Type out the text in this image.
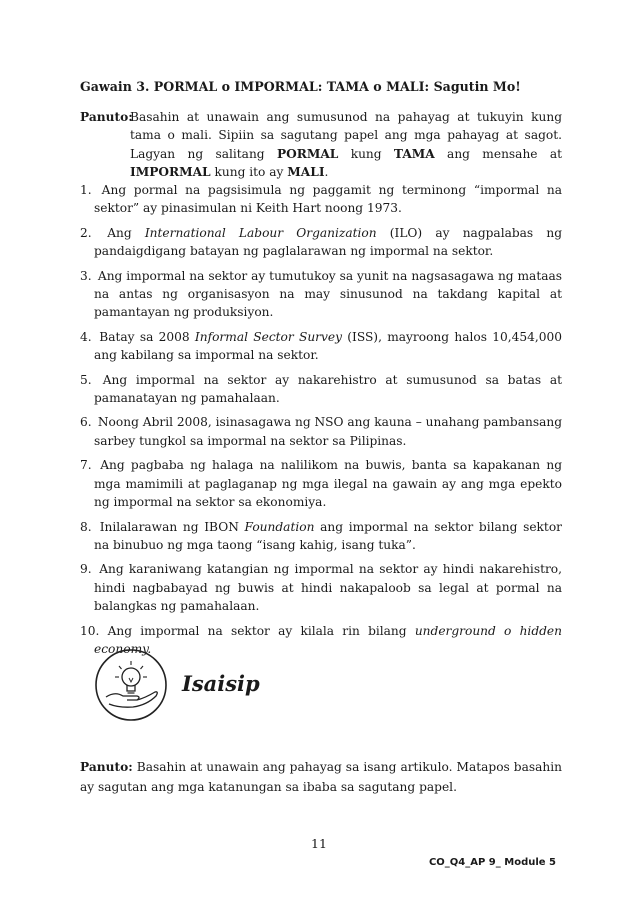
Gawain 3. PORMAL o IMPORMAL: TAMA o MALI: Sagutin Mo!
Panuto:
Basahin at unawain ang sumusunod na pahayag at tukuyin kung tama o mali. Sipiin sa sagutang papel ang mga pahayag at sagot. Lagyan ng salitang PORMAL kung TAMA ang mensahe at IMPORMAL kung ito ay MALI.
1. Ang pormal na pagsisimula ng paggamit ng terminong “impormal na sektor” ay pinasimulan ni Keith Hart noong 1973.
2. Ang International Labour Organization (ILO) ay nagpalabas ng pandaigdigang batayan ng paglalarawan ng impormal na sektor.
3. Ang impormal na sektor ay tumutukoy sa yunit na nagsasagawa ng mataas na antas ng organisasyon na may sinusunod na takdang kapital at pamantayan ng produksiyon.
4. Batay sa 2008 Informal Sector Survey (ISS), mayroong halos 10,454,000 ang kabilang sa impormal na sektor.
5. Ang impormal na sektor ay nakarehistro at sumusunod sa batas at pamanatayan ng pamahalaan.
6. Noong Abril 2008, isinasagawa ng NSO ang kauna – unahang pambansang sarbey tungkol sa impormal na sektor sa Pilipinas.
7. Ang pagbaba ng halaga na nalilikom na buwis, banta sa kapakanan ng mga mamimili at paglaganap ng mga ilegal na gawain ay ang mga epekto ng impormal na sektor sa ekonomiya.
8. Inilalarawan ng IBON Foundation ang impormal na sektor bilang sektor na binubuo ng mga taong “isang kahig, isang tuka”.
9. Ang karaniwang katangian ng impormal na sektor ay hindi nakarehistro, hindi nagbabayad ng buwis at hindi nakapaloob sa legal at pormal na balangkas ng pamahalaan.
10. Ang impormal na sektor ay kilala rin bilang underground o hidden economy.
Isaisip
Panuto: Basahin at unawain ang pahayag sa isang artikulo. Matapos basahin ay sagutan ang mga katanungan sa ibaba sa sagutang papel.
11
CO_Q4_AP 9_ Module 5
